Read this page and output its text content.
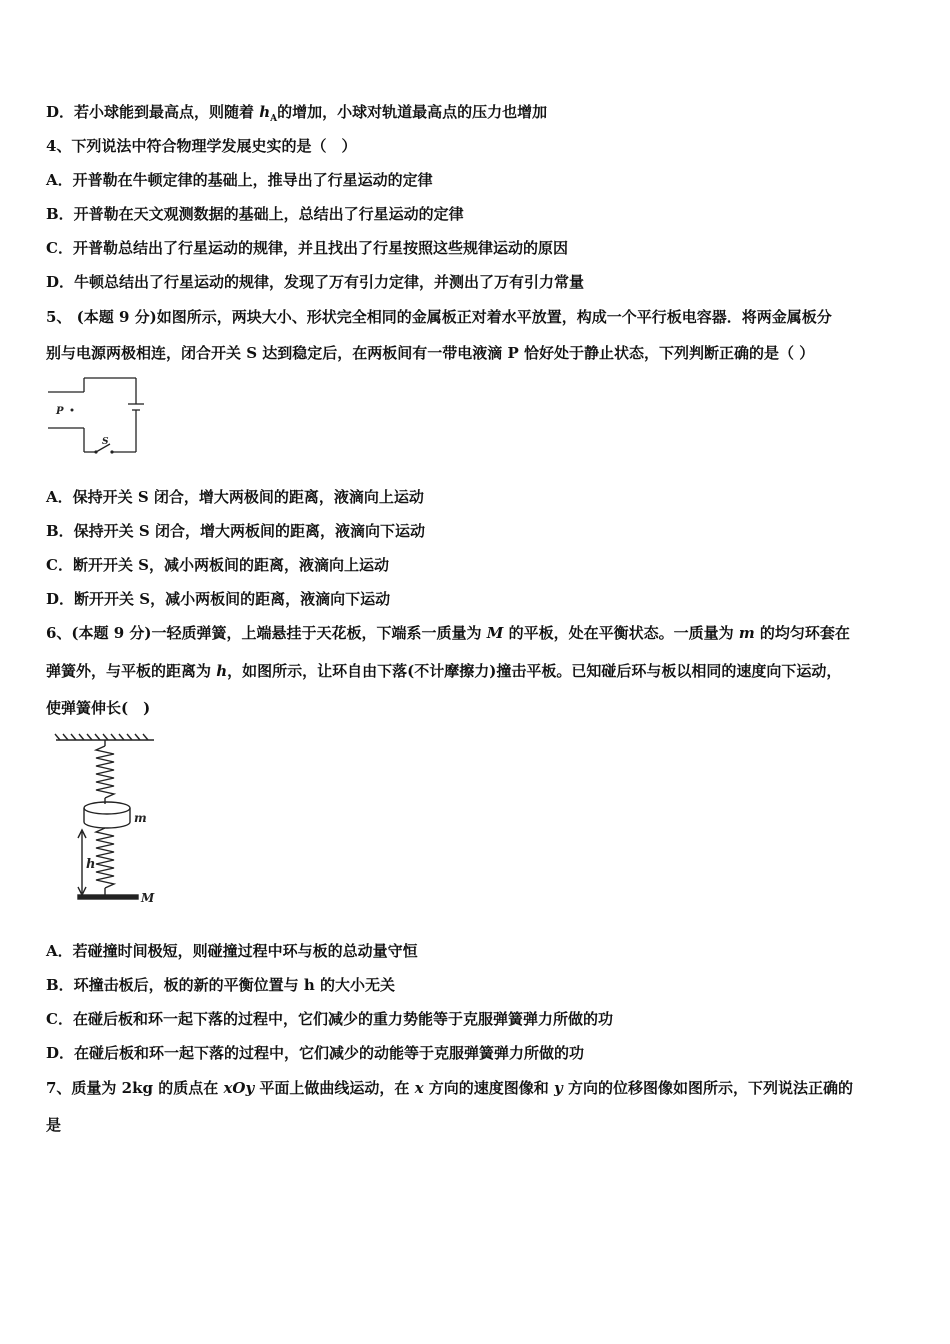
D．若小球能到最高点，则随着 $h_A$的增加，小球对轨道最高点的压力也增加
4、下列说法中符合物理学发展史实的是（　）
A．开普勒在牛顿定律的基础上，推导出了行星运动的定律
B．开普勒在天文观测数据的基础上，总结出了行星运动的定律
C．开普勒总结出了行星运动的规律，并且找出了行星按照这些规律运动的原因
D．牛顿总结出了行星运动的规律，发现了万有引力定律，并测出了万有引力常量
5、 (本题 9 分)如图所示，两块大小、形状完全相同的金属板正对着水平放置，构成一个平行板电容器．将两金属板分
别与电源两极相连，闭合开关 S 达到稳定后，在两板间有一带电液滴 P 恰好处于静止状态，下列判断正确的是（ ）
P
S
A．保持开关 S 闭合，增大两极间的距离，液滴向上运动
B．保持开关 S 闭合，增大两板间的距离，液滴向下运动
C．断开开关 S，减小两板间的距离，液滴向上运动
D．断开开关 S，减小两板间的距离，液滴向下运动
6、(本题 9 分)一轻质弹簧，上端悬挂于天花板，下端系一质量为 M 的平板，处在平衡状态。一质量为 m 的均匀环套在
弹簧外，与平板的距离为 h，如图所示，让环自由下落(不计摩擦力)撞击平板。已知碰后环与板以相同的速度向下运动，
使弹簧伸长(　)
m
h
M
A．若碰撞时间极短，则碰撞过程中环与板的总动量守恒
B．环撞击板后，板的新的平衡位置与 h 的大小无关
C．在碰后板和环一起下落的过程中，它们减少的重力势能等于克服弹簧弹力所做的功
D．在碰后板和环一起下落的过程中，它们减少的动能等于克服弹簧弹力所做的功
7、质量为 2kg 的质点在 xOy 平面上做曲线运动，在 x 方向的速度图像和 y 方向的位移图像如图所示，下列说法正确的
是
